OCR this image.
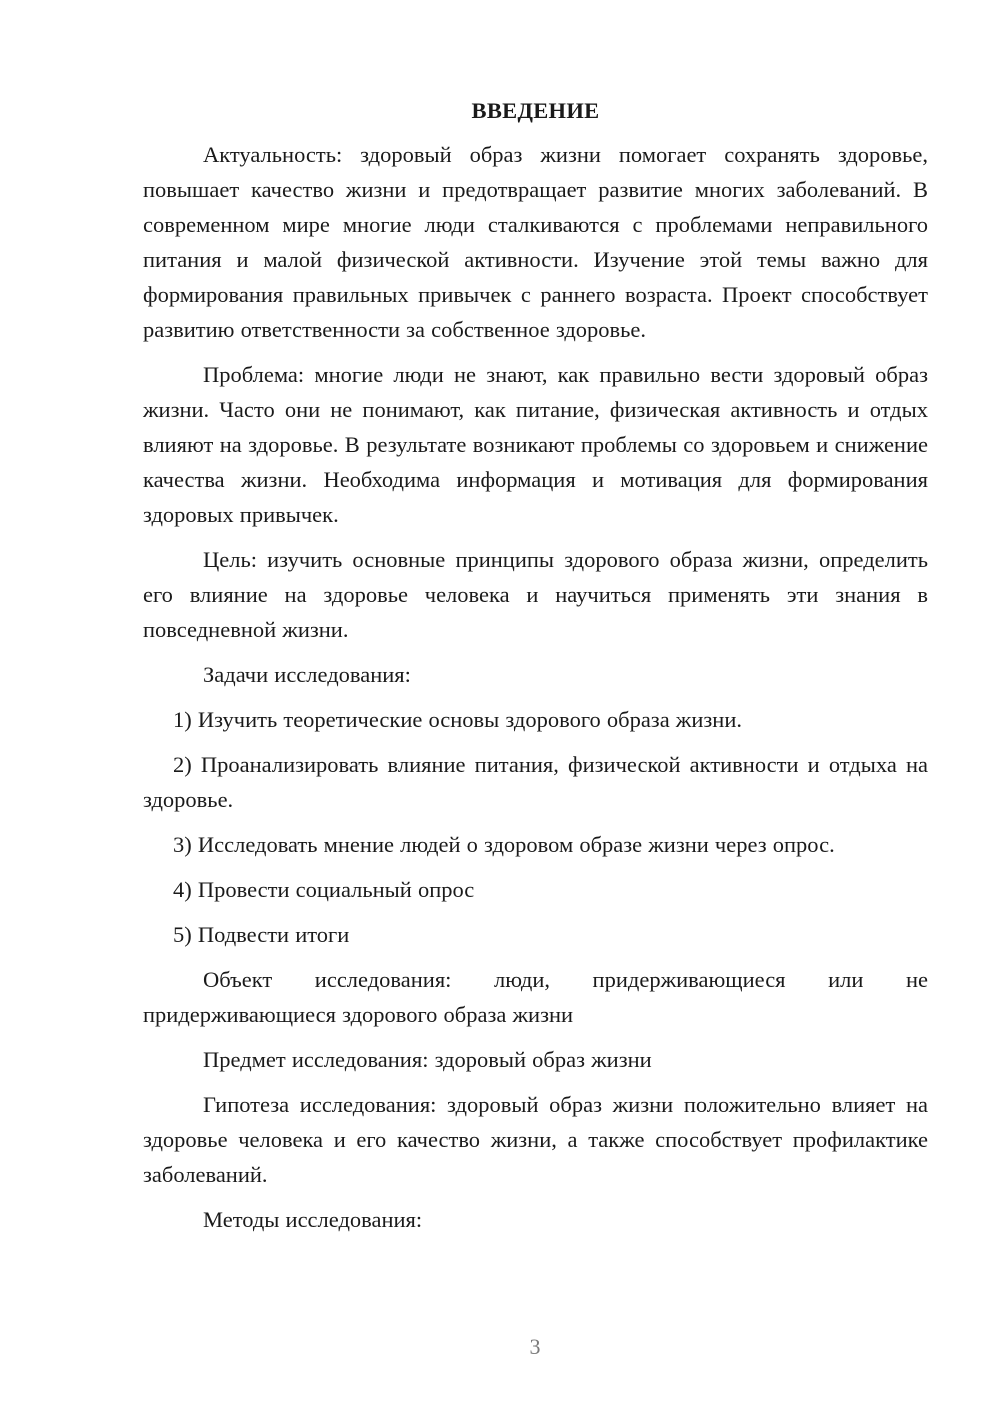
ВВЕДЕНИЕ

Актуальность: здоровый образ жизни помогает сохранять здоровье, повышает качество жизни и предотвращает развитие многих заболеваний. В современном мире многие люди сталкиваются с проблемами неправильного питания и малой физической активности. Изучение этой темы важно для формирования правильных привычек с раннего возраста. Проект способствует развитию ответственности за собственное здоровье.

Проблема: многие люди не знают, как правильно вести здоровый образ жизни. Часто они не понимают, как питание, физическая активность и отдых влияют на здоровье. В результате возникают проблемы со здоровьем и снижение качества жизни. Необходима информация и мотивация для формирования здоровых привычек.

Цель: изучить основные принципы здорового образа жизни, определить его влияние на здоровье человека и научиться применять эти знания в повседневной жизни.

Задачи исследования:

1) Изучить теоретические основы здорового образа жизни.

2) Проанализировать влияние питания, физической активности и отдыха на здоровье.

3) Исследовать мнение людей о здоровом образе жизни через опрос.

4) Провести социальный опрос

5) Подвести итоги

Объект исследования: люди, придерживающиеся или не придерживающиеся здорового образа жизни

Предмет исследования: здоровый образ жизни

Гипотеза исследования: здоровый образ жизни положительно влияет на здоровье человека и его качество жизни, а также способствует профилактике заболеваний.

Методы исследования:

3
